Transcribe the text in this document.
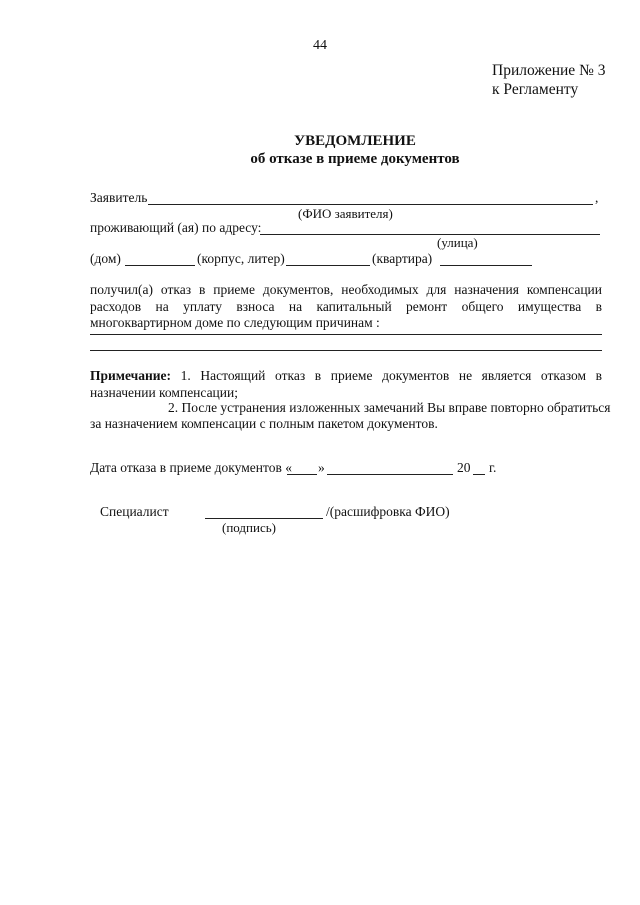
44
Приложение № 3
к Регламенту
УВЕДОМЛЕНИЕ
об отказе в приеме документов
Заявитель	,
(ФИО заявителя)
проживающий (ая) по адресу:
(улица)
(дом)	(корпус, литер)	(квартира)
получил(а) отказ в приеме документов, необходимых для назначения компенсации расходов на уплату взноса на капитальный ремонт общего имущества в многоквартирном доме по следующим причинам :
Примечание: 1. Настоящий отказ в приеме документов не является отказом в назначении компенсации;
2. После устранения изложенных замечаний Вы вправе повторно обратиться
за назначением компенсации с полным пакетом документов.
Дата отказа в приеме документов « »	20 г.
Специалист	/(расшифровка ФИО)
(подпись)
